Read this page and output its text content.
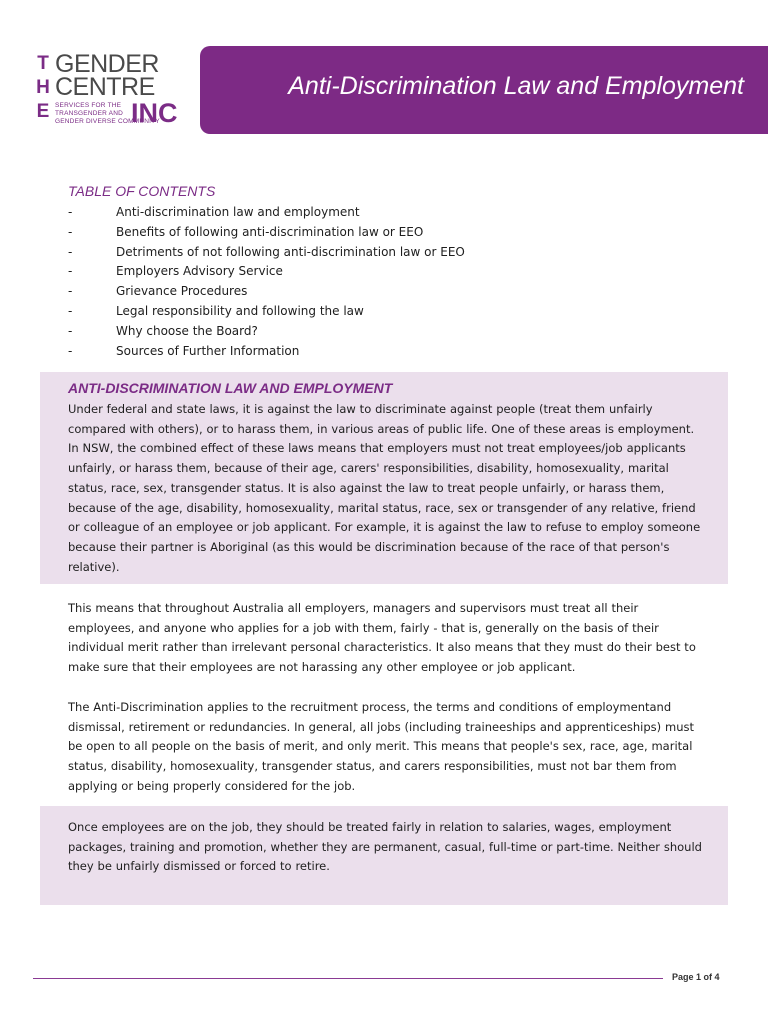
T
H
E
GENDER
CENTRE
SERVICES FOR THE
TRANSGENDER AND
GENDER DIVERSE COMMUNITY
INC
Anti-Discrimination Law and Employment
TABLE OF CONTENTS
-	Anti-discrimination law and employment
-	Benefits of following anti-discrimination law or EEO
-	Detriments of not following anti-discrimination law or EEO
-	Employers Advisory Service
-	Grievance Procedures
-	Legal responsibility and following the law
-	Why choose the Board?
-	Sources of Further Information
ANTI-DISCRIMINATION LAW AND EMPLOYMENT

Under federal and state laws, it is against the law to discriminate against people (treat them unfairly compared with others), or to harass them, in various areas of public life. One of these areas is employment. In NSW, the combined effect of these laws means that employers must not treat employees/job applicants unfairly, or harass them, because of their age, carers' responsibilities, disability, homosexuality, marital status, race, sex, transgender status. It is also against the law to treat people unfairly, or harass them, because of the age, disability, homosexuality, marital status, race, sex or transgender of any relative, friend or colleague of an employee or job applicant. For example, it is against the law to refuse to employ someone because their partner is Aboriginal (as this would be discrimination because of the race of that person's relative).

This means that throughout Australia all employers, managers and supervisors must treat all their employees, and anyone who applies for a job with them, fairly - that is, generally on the basis of their individual merit rather than irrelevant personal characteristics. It also means that they must do their best to make sure that their employees are not harassing any other employee or job applicant.

The Anti-Discrimination applies to the recruitment process, the terms and conditions of employmentand dismissal, retirement or redundancies. In general, all jobs (including traineeships and apprenticeships) must be open to all people on the basis of merit, and only merit. This means that people's sex, race, age, marital status, disability, homosexuality, transgender status, and carers responsibilities, must not bar them from applying or being properly considered for the job.

Once employees are on the job, they should be treated fairly in relation to salaries, wages, employment packages, training and promotion, whether they are permanent, casual, full-time or part-time. Neither should they be unfairly dismissed or forced to retire.

Page 1 of 4
